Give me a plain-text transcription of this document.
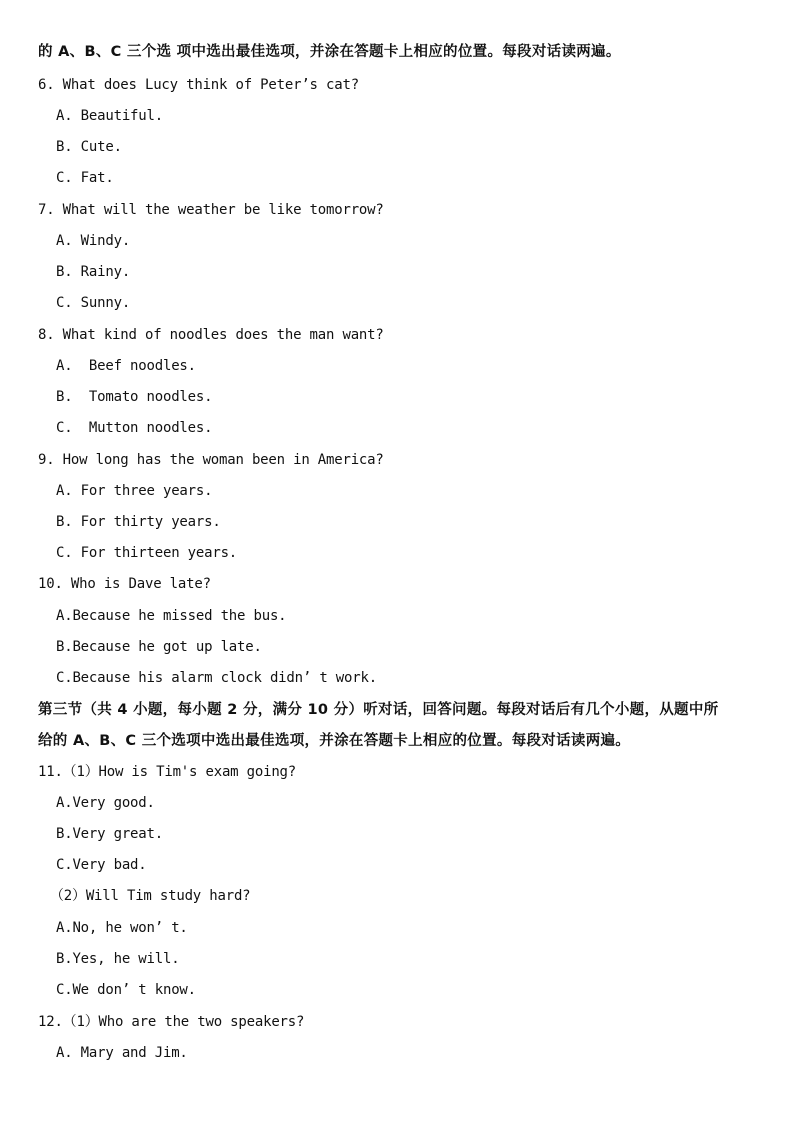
的 A、B、C 三个选 项中选出最佳选项，并涂在答题卡上相应的位置。每段对话读两遍。
6. What does Lucy think of Peter’s cat?
A. Beautiful.
B. Cute.
C. Fat.
7. What will the weather be like tomorrow?
A. Windy.
B. Rainy.
C. Sunny.
8. What kind of noodles does the man want?
A.  Beef noodles.
B.  Tomato noodles.
C.  Mutton noodles.
9. How long has the woman been in America?
A. For three years.
B. For thirty years.
C. For thirteen years.
10. Who is Dave late?
A.Because he missed the bus.
B.Because he got up late.
C.Because his alarm clock didn’ t work.
第三节（共 4 小题，每小题 2 分，满分 10 分）听对话，回答问题。每段对话后有几个小题，从题中所
给的 A、B、C 三个选项中选出最佳选项，并涂在答题卡上相应的位置。每段对话读两遍。
11.（1）How is Tim's exam going?
A.Very good.
B.Very great.
C.Very bad.
（2）Will Tim study hard?
A.No, he won’ t.
B.Yes, he will.
C.We don’ t know.
12.（1）Who are the two speakers?
A. Mary and Jim.
